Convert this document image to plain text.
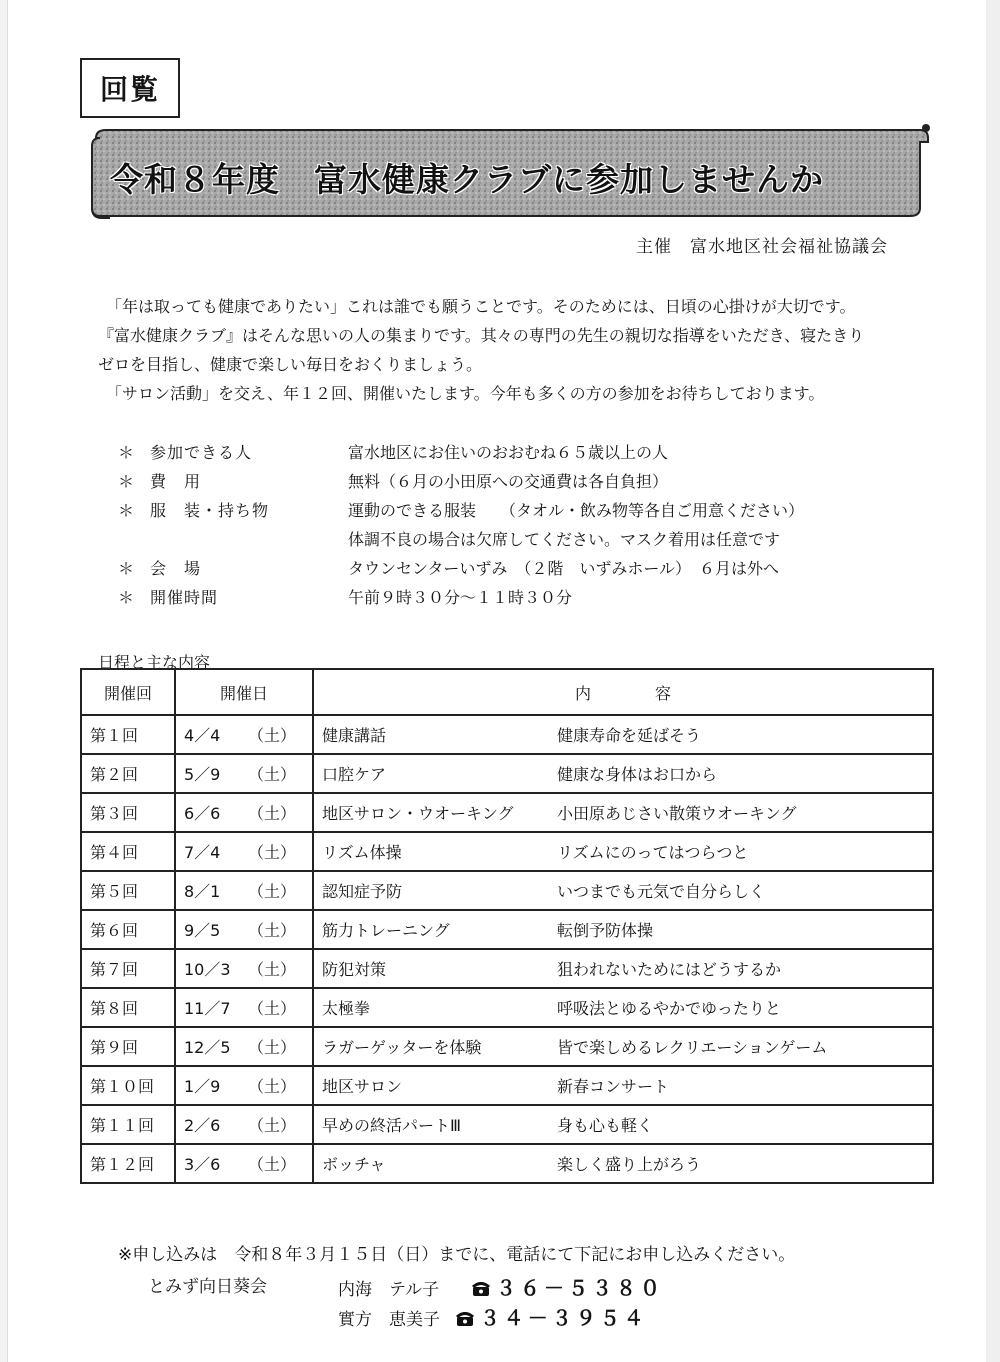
回覧
令和８年度　富水健康クラブに参加しませんか
主催　富水地区社会福祉協議会
「年は取っても健康でありたい」これは誰でも願うことです。そのためには、日頃の心掛けが大切です。
『富水健康クラブ』はそんな思いの人の集まりです。其々の専門の先生の親切な指導をいただき、寝たきり
ゼロを目指し、健康で楽しい毎日をおくりましょう。
「サロン活動」を交え、年１２回、開催いたします。今年も多くの方の参加をお待ちしております。
＊ 参加できる人	富水地区にお住いのおおむね６５歳以上の人
＊ 費　用	無料（６月の小田原への交通費は各自負担）
＊ 服　装・持ち物	運動のできる服装　　（タオル・飲み物等各自ご用意ください）
体調不良の場合は欠席してください。マスク着用は任意です
＊ 会　場	タウンセンターいずみ　（２階　いずみホール）　６月は外へ
＊ 開催時間	午前９時３０分～１１時３０分
日程と主な内容
開催回	開催日	内　　　　容
第１回	4／4 （土）	健康講話 健康寿命を延ばそう

第２回	5／9 （土）	口腔ケア 健康な身体はお口から

第３回	6／6 （土）	地区サロン・ウオーキング 小田原あじさい散策ウオーキング

第４回	7／4 （土）	リズム体操 リズムにのってはつらつと

第５回	8／1 （土）	認知症予防 いつまでも元気で自分らしく

第６回	9／5 （土）	筋力トレーニング 転倒予防体操

第７回	10／3 （土）	防犯対策 狙われないためにはどうするか

第８回	11／7 （土）	太極拳 呼吸法とゆるやかでゆったりと

第９回	12／5 （土）	ラガーゲッターを体験 皆で楽しめるレクリエーションゲーム

第１０回	1／9 （土）	地区サロン 新春コンサート

第１１回	2／6 （土）	早めの終活パートⅢ 身も心も軽く

第１２回	3／6 （土）	ボッチャ 楽しく盛り上がろう
※申し込みは　令和８年３月１５日（日）までに、電話にて下記にお申し込みください。
とみず向日葵会	内海　テル子	３６－５３８０
實方　恵美子 ３４－３９５４
